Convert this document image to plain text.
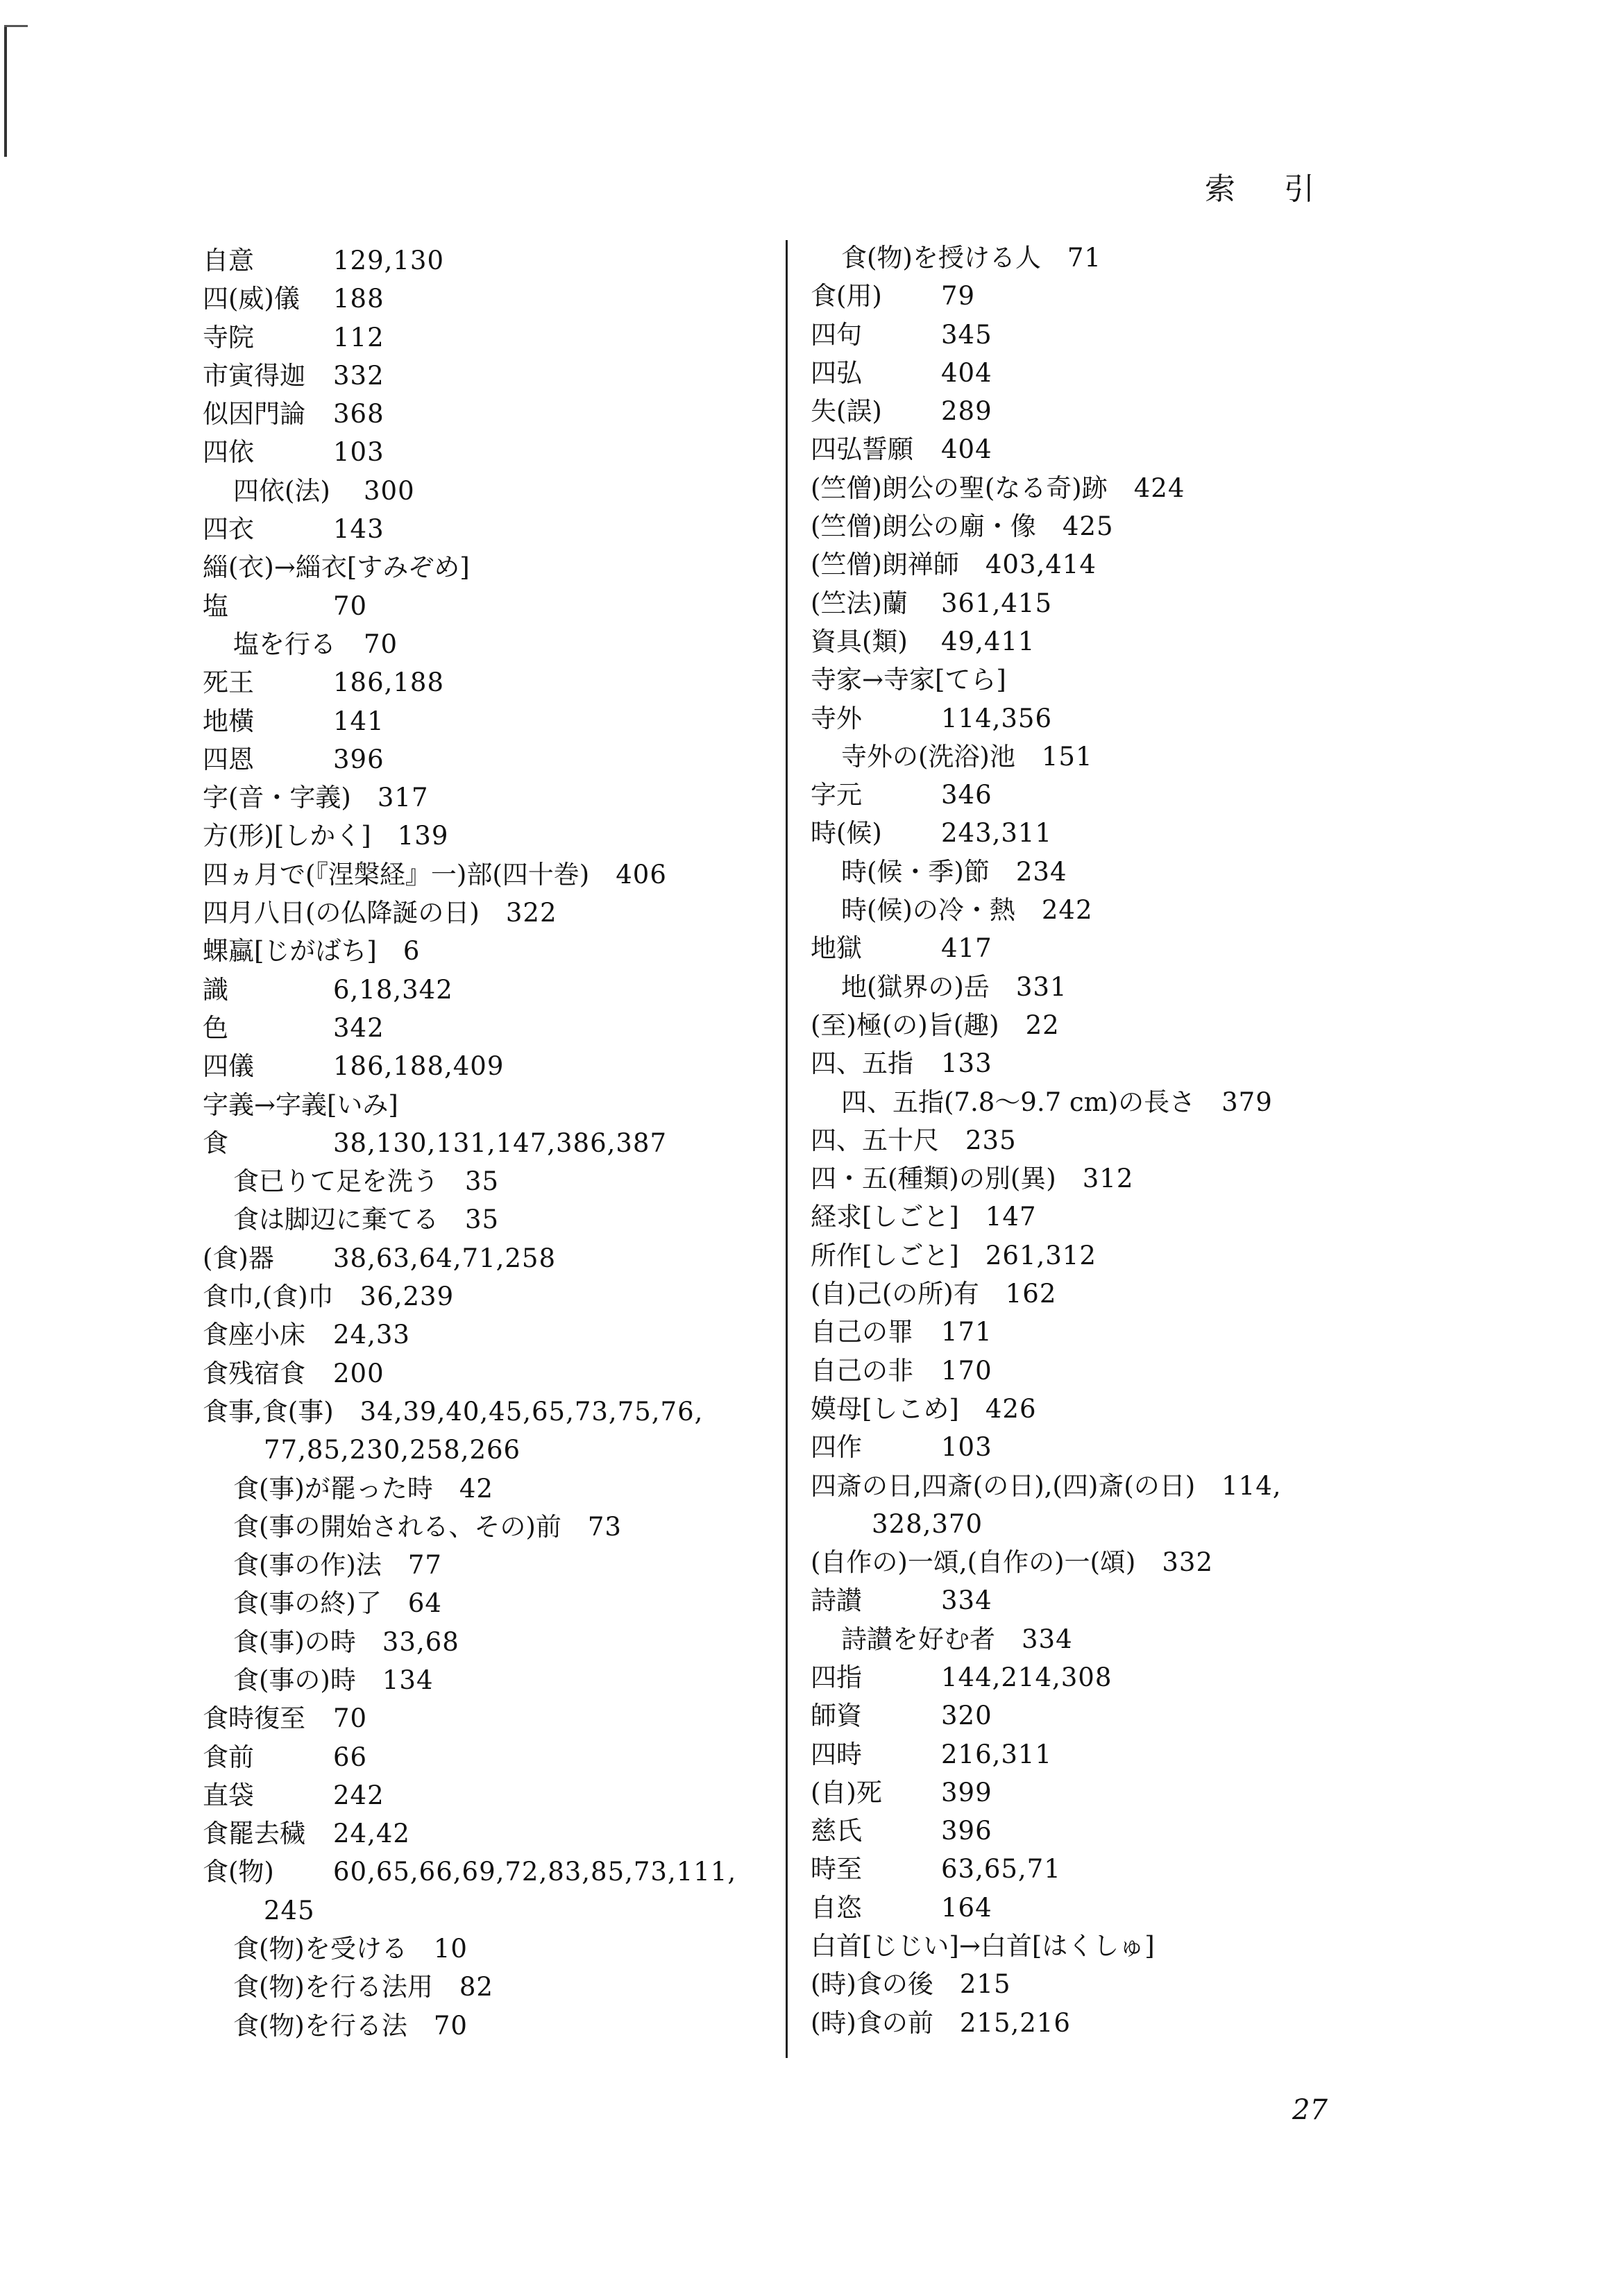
索引
自意	129,130
四(威)儀 188
寺院	112
市寅得迦 332
似因門論 368
四依	103
四依(法) 300
四衣	143
緇(衣)→緇衣[すみぞめ]
塩	70
塩を行る 70
死王	186,188
地橫	141
四恩	396
字(音・字義) 317
方(形)[しかく] 139
四ヵ月で(『涅槃経』一)部(四十巻) 406
四月八日(の仏降誕の日) 322
蜾蠃[じがばち] 6
識	6,18,342
色	342
四儀	186,188,409
字義→字義[いみ]
食	38,130,131,147,386,387
食已りて足を洗う 35
食は脚辺に棄てる 35
(食)器 38,63,64,71,258
食巾,(食)巾 36,239
食座小床 24,33
食残宿食 200
食事,食(事) 34,39,40,45,65,73,75,76,
77,85,230,258,266
食(事)が罷った時 42
食(事の開始される、その)前 73
食(事の作)法 77
食(事の終)了 64
食(事)の時 33,68
食(事の)時 134
食時復至 70
食前	66
直袋	242
食罷去穢 24,42
食(物) 60,65,66,69,72,83,85,73,111,
245
食(物)を受ける 10
食(物)を行る法用 82
食(物)を行る法 70
食(物)を授ける人 71
食(用) 79
四句	345
四弘	404
失(誤) 289
四弘誓願 404
(竺僧)朗公の聖(なる奇)跡 424
(竺僧)朗公の廟・像 425
(竺僧)朗禅師 403,414
(竺法)蘭 361,415
資具(類) 49,411
寺家→寺家[てら]
寺外	114,356
寺外の(洗浴)池 151
字元	346
時(候) 243,311
時(候・季)節 234
時(候)の冷・熱 242
地獄	417
地(獄界の)岳 331
(至)極(の)旨(趣) 22
四、五指 133
四、五指(7.8〜9.7 cm)の長さ 379
四、五十尺 235
四・五(種類)の別(異) 312
経求[しごと] 147
所作[しごと] 261,312
(自)己(の所)有 162
自己の罪 171
自己の非 170
嫫母[しこめ] 426
四作	103
四斎の日,四斎(の日),(四)斎(の日) 114,
328,370
(自作の)一頌,(自作の)一(頌) 332
詩讃	334
詩讃を好む者 334
四指	144,214,308
師資	320
四時	216,311
(自)死 399
慈氏	396
時至	63,65,71
自恣	164
白首[じじい]→白首[はくしゅ]
(時)食の後 215
(時)食の前 215,216
27
